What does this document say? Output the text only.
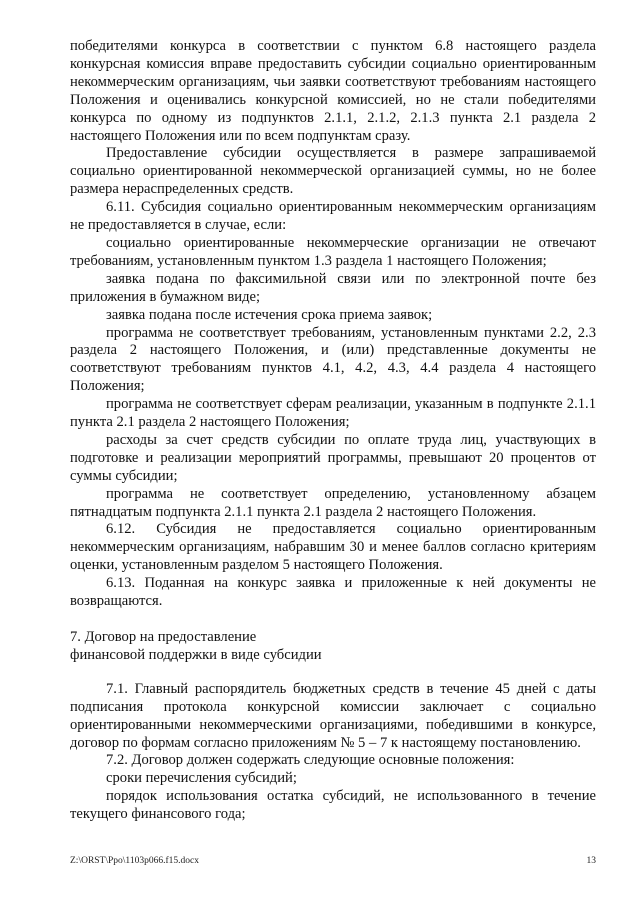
победителями конкурса в соответствии с пунктом 6.8 настоящего раздела конкурсная комиссия вправе предоставить субсидии социально ориентированным некоммерческим организациям, чьи заявки соответствуют требованиям настоящего Положения и оценивались конкурсной комиссией, но не стали победителями конкурса по одному из подпунктов 2.1.1, 2.1.2, 2.1.3 пункта 2.1 раздела 2 настоящего Положения или по всем подпунктам сразу.

Предоставление субсидии осуществляется в размере запрашиваемой социально ориентированной некоммерческой организацией суммы, но не более размера нераспределенных средств.

6.11. Субсидия социально ориентированным некоммерческим организациям не предоставляется в случае, если:

социально ориентированные некоммерческие организации не отвечают требованиям, установленным пунктом 1.3 раздела 1 настоящего Положения;

заявка подана по факсимильной связи или по электронной почте без приложения в бумажном виде;

заявка подана после истечения срока приема заявок;

программа не соответствует требованиям, установленным пунктами 2.2, 2.3 раздела 2 настоящего Положения, и (или) представленные документы не соответствуют требованиям пунктов 4.1, 4.2, 4.3, 4.4 раздела 4 настоящего Положения;

программа не соответствует сферам реализации, указанным в подпункте 2.1.1 пункта 2.1 раздела 2 настоящего Положения;

расходы за счет средств субсидии по оплате труда лиц, участвующих в подготовке и реализации мероприятий программы, превышают 20 процентов от суммы субсидии;

программа не соответствует определению, установленному абзацем пятнадцатым подпункта 2.1.1 пункта 2.1 раздела 2 настоящего Положения.

6.12. Субсидия не предоставляется социально ориентированным некоммерческим организациям, набравшим 30 и менее баллов согласно критериям оценки, установленным разделом 5 настоящего Положения.

6.13. Поданная на конкурс заявка и приложенные к ней документы не возвращаются.

7. Договор на предоставление

финансовой поддержки в виде субсидии

7.1. Главный распорядитель бюджетных средств в течение 45 дней с даты подписания протокола конкурсной комиссии заключает с социально ориентированными некоммерческими организациями, победившими в конкурсе, договор по формам согласно приложениям № 5 – 7 к настоящему постановлению.

7.2. Договор должен содержать следующие основные положения:

сроки перечисления субсидий;

порядок использования остатка субсидий, не использованного в течение текущего финансового года;

Z:\ORST\Ppo\1103p066.f15.docx	13
